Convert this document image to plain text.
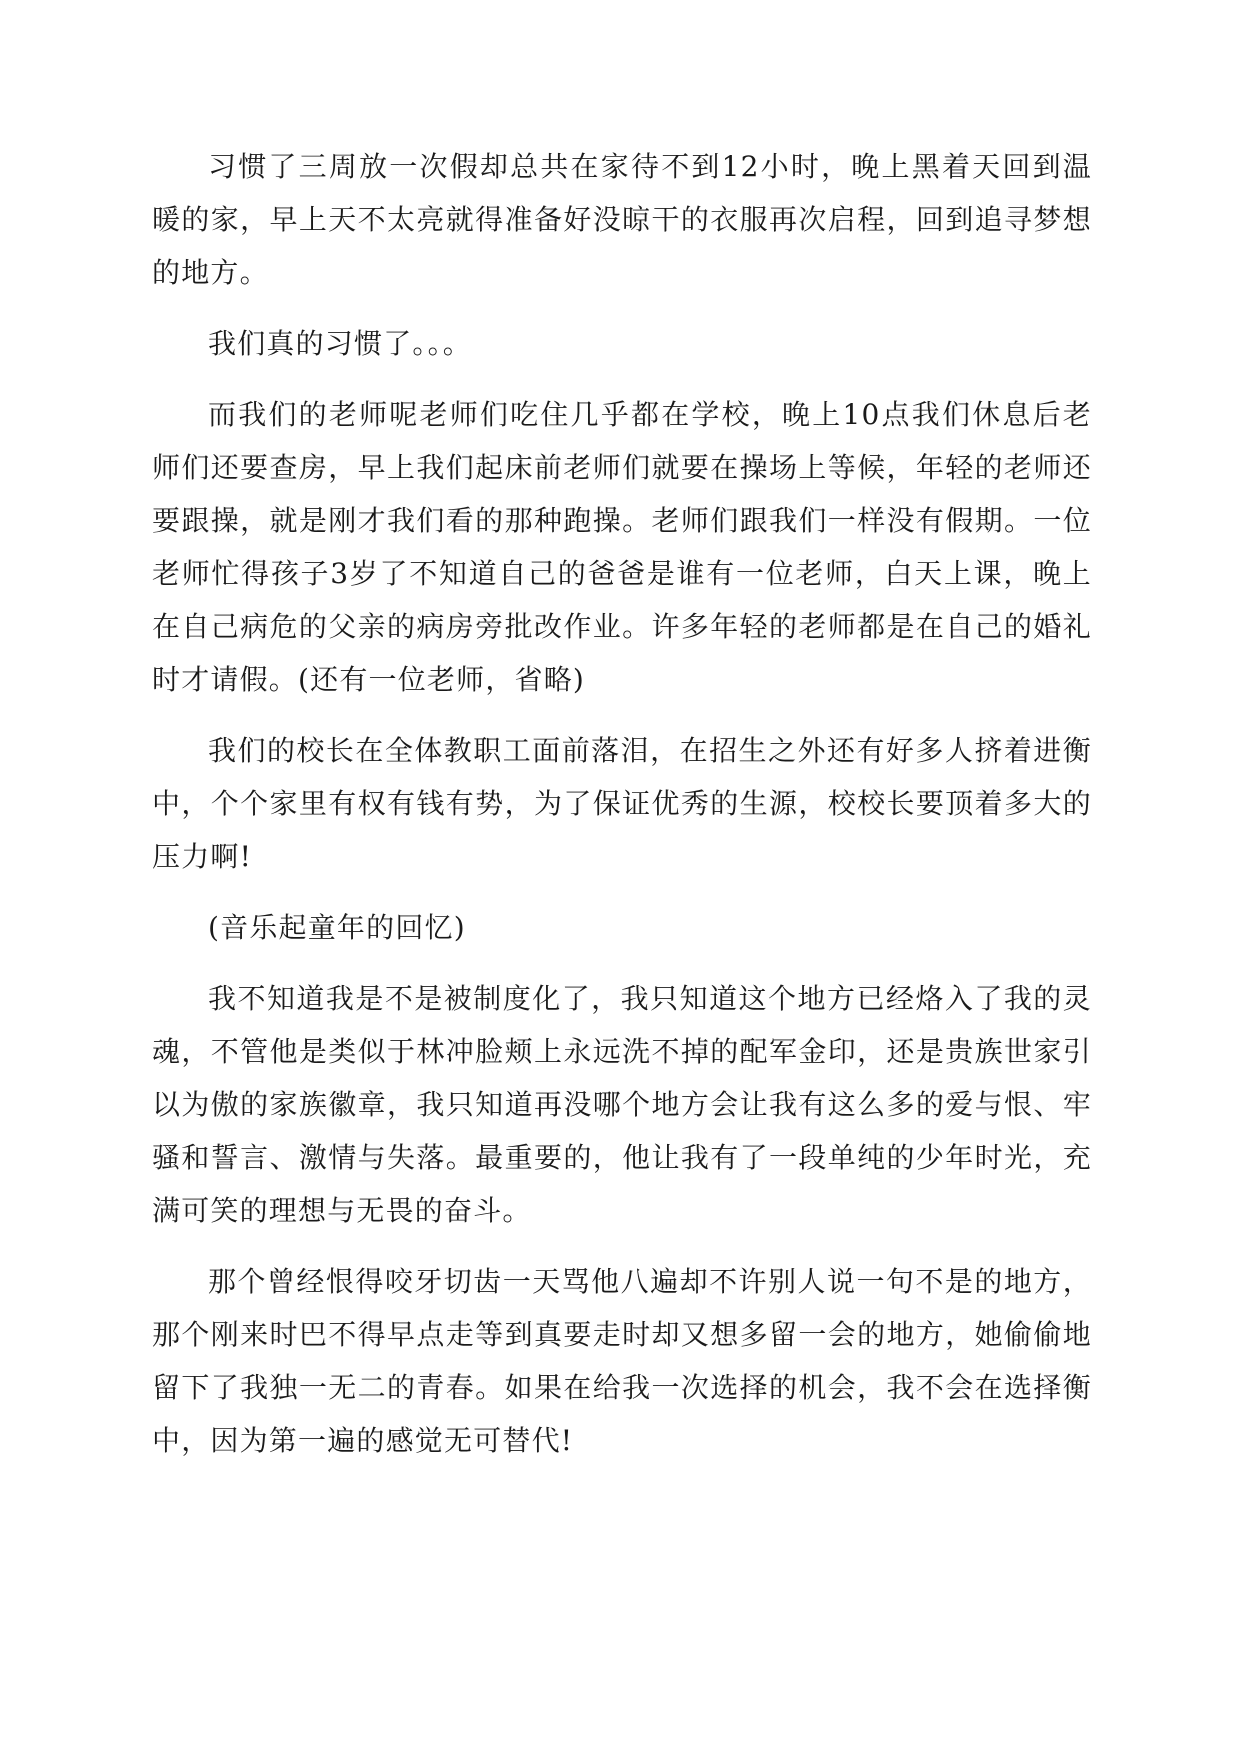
习惯了三周放一次假却总共在家待不到12小时，晚上黑着天回到温暖的家，早上天不太亮就得准备好没晾干的衣服再次启程，回到追寻梦想的地方。

我们真的习惯了。。。

而我们的老师呢老师们吃住几乎都在学校，晚上10点我们休息后老师们还要查房，早上我们起床前老师们就要在操场上等候，年轻的老师还要跟操，就是刚才我们看的那种跑操。老师们跟我们一样没有假期。一位老师忙得孩子3岁了不知道自己的爸爸是谁有一位老师，白天上课，晚上在自己病危的父亲的病房旁批改作业。许多年轻的老师都是在自己的婚礼时才请假。(还有一位老师，省略)

我们的校长在全体教职工面前落泪，在招生之外还有好多人挤着进衡中，个个家里有权有钱有势，为了保证优秀的生源，校校长要顶着多大的压力啊!

(音乐起童年的回忆)

我不知道我是不是被制度化了，我只知道这个地方已经烙入了我的灵魂，不管他是类似于林冲脸颊上永远洗不掉的配军金印，还是贵族世家引以为傲的家族徽章，我只知道再没哪个地方会让我有这么多的爱与恨、牢骚和誓言、激情与失落。最重要的，他让我有了一段单纯的少年时光，充满可笑的理想与无畏的奋斗。

那个曾经恨得咬牙切齿一天骂他八遍却不许别人说一句不是的地方，那个刚来时巴不得早点走等到真要走时却又想多留一会的地方，她偷偷地留下了我独一无二的青春。如果在给我一次选择的机会，我不会在选择衡中，因为第一遍的感觉无可替代!
